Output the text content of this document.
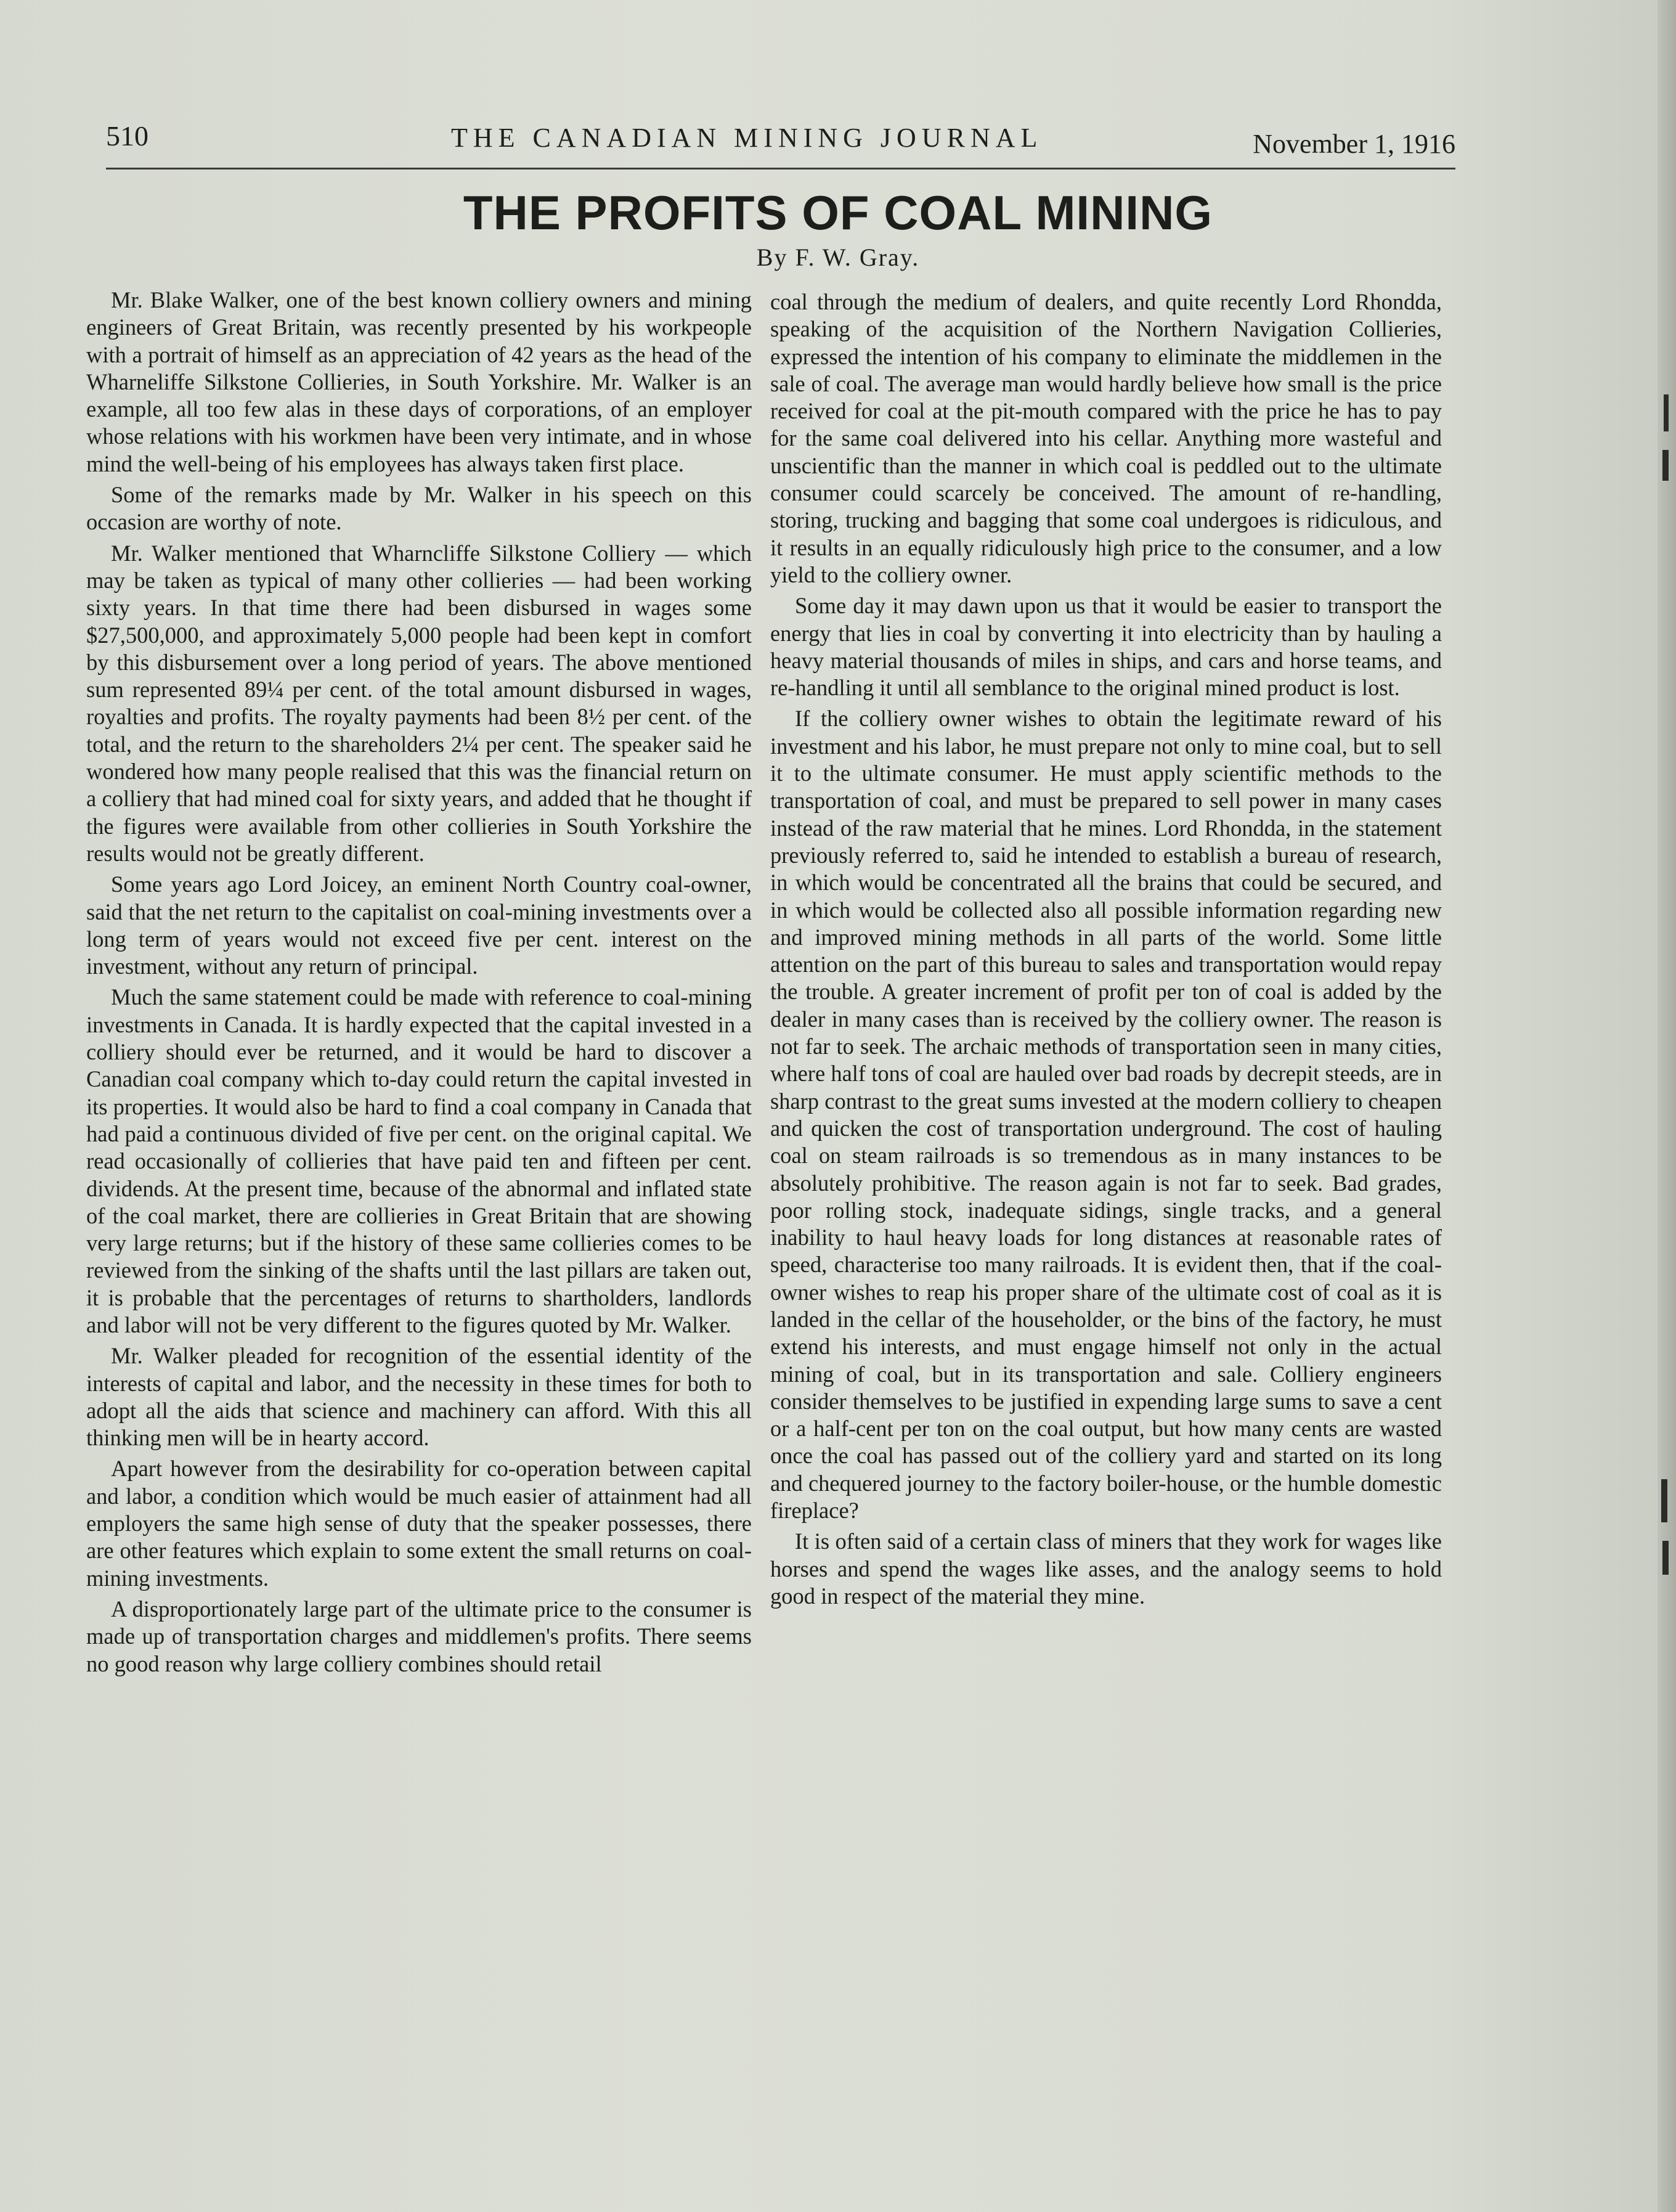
510	THE CANADIAN MINING JOURNAL	November 1, 1916
THE PROFITS OF COAL MINING
By F. W. Gray.

Mr. Blake Walker, one of the best known colliery owners and mining engineers of Great Britain, was recently presented by his workpeople with a portrait of himself as an appreciation of 42 years as the head of the Wharneliffe Silkstone Collieries, in South Yorkshire. Mr. Walker is an example, all too few alas in these days of corporations, of an employer whose relations with his workmen have been very intimate, and in whose mind the well-being of his employees has always taken first place.

Some of the remarks made by Mr. Walker in his speech on this occasion are worthy of note.

Mr. Walker mentioned that Wharncliffe Silkstone Colliery — which may be taken as typical of many other collieries — had been working sixty years. In that time there had been disbursed in wages some $27,500,000, and approximately 5,000 people had been kept in comfort by this disbursement over a long period of years. The above mentioned sum represented 89¼ per cent. of the total amount disbursed in wages, royalties and profits. The royalty payments had been 8½ per cent. of the total, and the return to the shareholders 2¼ per cent. The speaker said he wondered how many people realised that this was the financial return on a colliery that had mined coal for sixty years, and added that he thought if the figures were available from other collieries in South Yorkshire the results would not be greatly different.

Some years ago Lord Joicey, an eminent North Country coal-owner, said that the net return to the capitalist on coal-mining investments over a long term of years would not exceed five per cent. interest on the investment, without any return of principal.

Much the same statement could be made with reference to coal-mining investments in Canada. It is hardly expected that the capital invested in a colliery should ever be returned, and it would be hard to discover a Canadian coal company which to-day could return the capital invested in its properties. It would also be hard to find a coal company in Canada that had paid a continuous divided of five per cent. on the original capital. We read occasionally of collieries that have paid ten and fifteen per cent. dividends. At the present time, because of the abnormal and inflated state of the coal market, there are collieries in Great Britain that are showing very large returns; but if the history of these same collieries comes to be reviewed from the sinking of the shafts until the last pillars are taken out, it is probable that the percentages of returns to shartholders, landlords and labor will not be very different to the figures quoted by Mr. Walker.

Mr. Walker pleaded for recognition of the essential identity of the interests of capital and labor, and the necessity in these times for both to adopt all the aids that science and machinery can afford. With this all thinking men will be in hearty accord.

Apart however from the desirability for co-operation between capital and labor, a condition which would be much easier of attainment had all employers the same high sense of duty that the speaker possesses, there are other features which explain to some extent the small returns on coal-mining investments.

A disproportionately large part of the ultimate price to the consumer is made up of transportation charges and middlemen's profits. There seems no good reason why large colliery combines should retail

coal through the medium of dealers, and quite recently Lord Rhondda, speaking of the acquisition of the Northern Navigation Collieries, expressed the intention of his company to eliminate the middlemen in the sale of coal. The average man would hardly believe how small is the price received for coal at the pit-mouth compared with the price he has to pay for the same coal delivered into his cellar. Anything more wasteful and unscientific than the manner in which coal is peddled out to the ultimate consumer could scarcely be conceived. The amount of re-handling, storing, trucking and bagging that some coal undergoes is ridiculous, and it results in an equally ridiculously high price to the consumer, and a low yield to the colliery owner.

Some day it may dawn upon us that it would be easier to transport the energy that lies in coal by converting it into electricity than by hauling a heavy material thousands of miles in ships, and cars and horse teams, and re-handling it until all semblance to the original mined product is lost.

If the colliery owner wishes to obtain the legitimate reward of his investment and his labor, he must prepare not only to mine coal, but to sell it to the ultimate consumer. He must apply scientific methods to the transportation of coal, and must be prepared to sell power in many cases instead of the raw material that he mines. Lord Rhondda, in the statement previously referred to, said he intended to establish a bureau of research, in which would be concentrated all the brains that could be secured, and in which would be collected also all possible information regarding new and improved mining methods in all parts of the world. Some little attention on the part of this bureau to sales and transportation would repay the trouble. A greater increment of profit per ton of coal is added by the dealer in many cases than is received by the colliery owner. The reason is not far to seek. The archaic methods of transportation seen in many cities, where half tons of coal are hauled over bad roads by decrepit steeds, are in sharp contrast to the great sums invested at the modern colliery to cheapen and quicken the cost of transportation underground. The cost of hauling coal on steam railroads is so tremendous as in many instances to be absolutely prohibitive. The reason again is not far to seek. Bad grades, poor rolling stock, inadequate sidings, single tracks, and a general inability to haul heavy loads for long distances at reasonable rates of speed, characterise too many railroads. It is evident then, that if the coal-owner wishes to reap his proper share of the ultimate cost of coal as it is landed in the cellar of the householder, or the bins of the factory, he must extend his interests, and must engage himself not only in the actual mining of coal, but in its transportation and sale. Colliery engineers consider themselves to be justified in expending large sums to save a cent or a half-cent per ton on the coal output, but how many cents are wasted once the coal has passed out of the colliery yard and started on its long and chequered journey to the factory boiler-house, or the humble domestic fireplace?

It is often said of a certain class of miners that they work for wages like horses and spend the wages like asses, and the analogy seems to hold good in respect of the material they mine.
